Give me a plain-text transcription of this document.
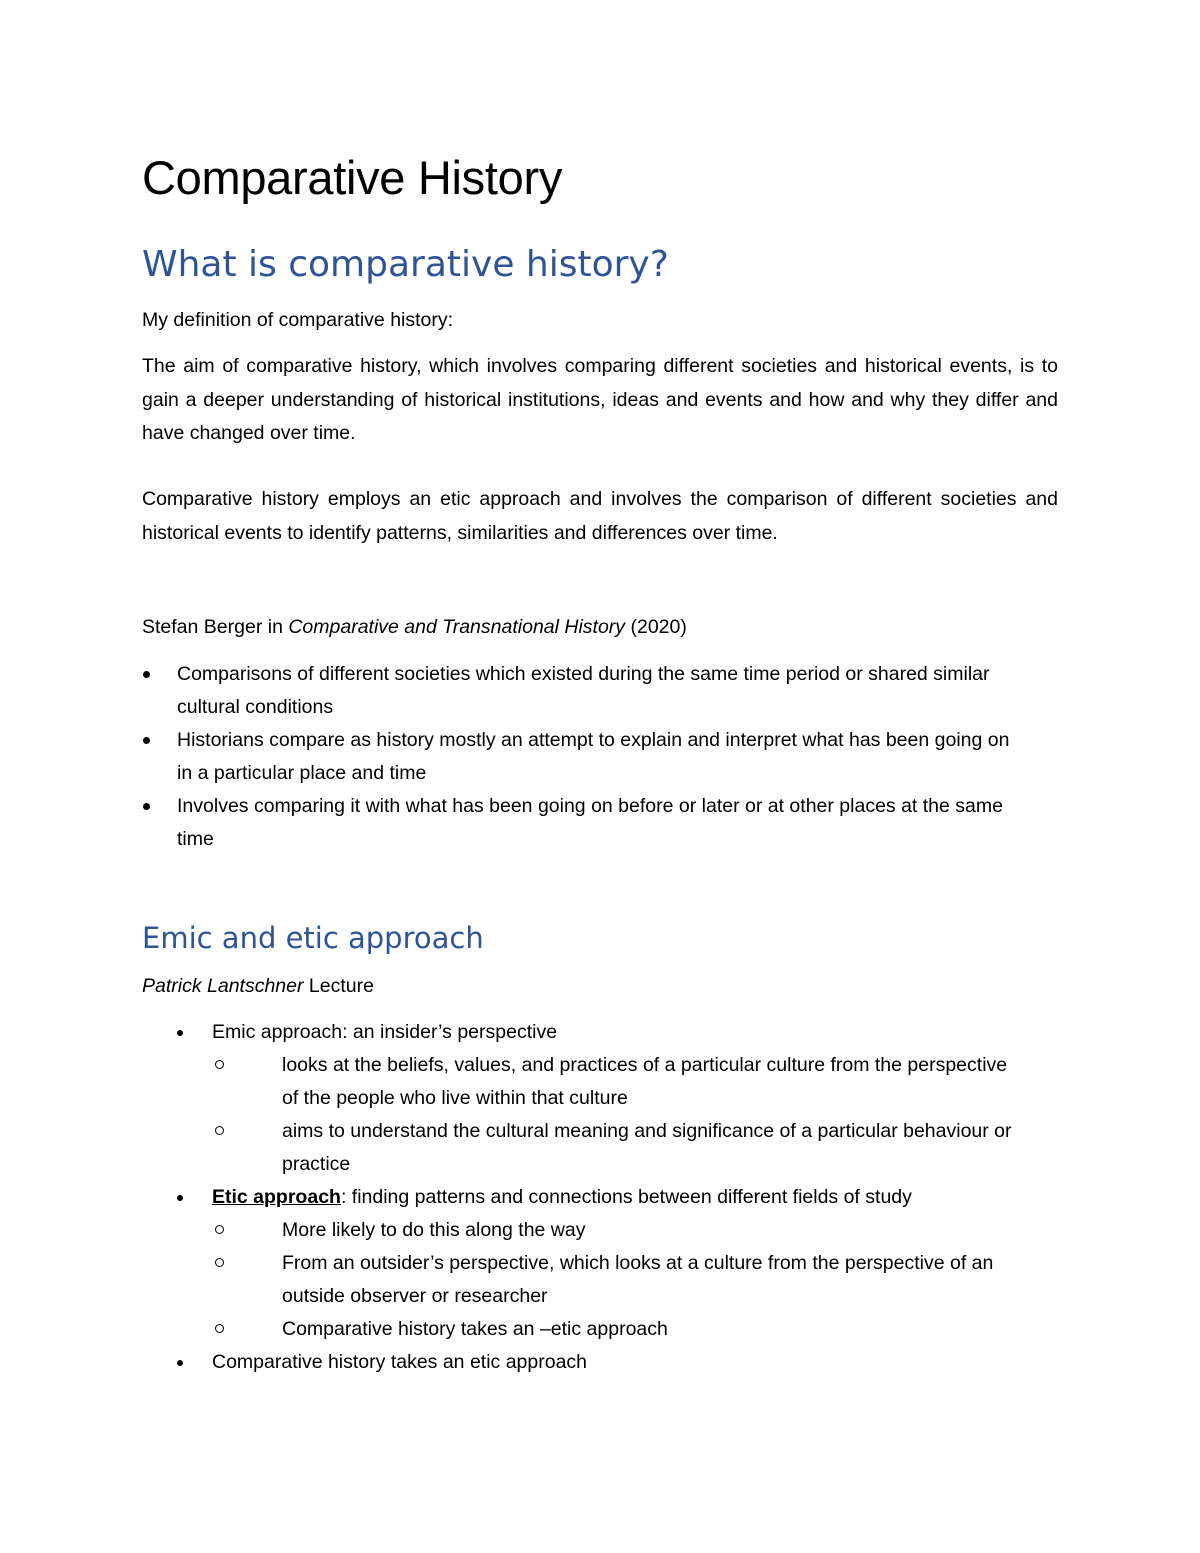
Comparative History
What is comparative history?

My definition of comparative history:

The aim of comparative history, which involves comparing different societies and historical events, is to gain a deeper understanding of historical institutions, ideas and events and how and why they differ and have changed over time.

Comparative history employs an etic approach and involves the comparison of different societies and historical events to identify patterns, similarities and differences over time.

Stefan Berger in Comparative and Transnational History (2020)

Comparisons of different societies which existed during the same time period or shared similar cultural conditions
Historians compare as history mostly an attempt to explain and interpret what has been going on in a particular place and time
Involves comparing it with what has been going on before or later or at other places at the same time
Emic and etic approach

Patrick Lantschner Lecture

Emic approach: an insider’s perspective
looks at the beliefs, values, and practices of a particular culture from the perspective of the people who live within that culture
aims to understand the cultural meaning and significance of a particular behaviour or practice
Etic approach: finding patterns and connections between different fields of study
More likely to do this along the way
From an outsider’s perspective, which looks at a culture from the perspective of an outside observer or researcher
Comparative history takes an –etic approach
Comparative history takes an etic approach
